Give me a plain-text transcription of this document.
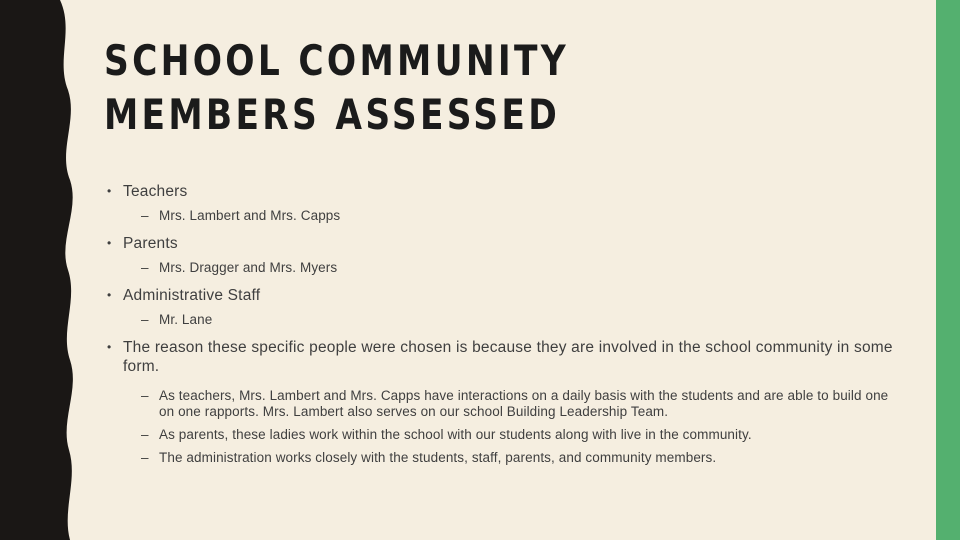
SCHOOL COMMUNITY MEMBERS ASSESSED
• Teachers
– Mrs. Lambert and Mrs. Capps
• Parents
– Mrs. Dragger and Mrs. Myers
• Administrative Staff
– Mr. Lane
• The reason these specific people were chosen is because they are involved in the school community in some form.
– As teachers, Mrs. Lambert and Mrs. Capps have interactions on a daily basis with the students and are able to build one on one rapports. Mrs. Lambert also serves on our school Building Leadership Team.
– As parents, these ladies work within the school with our students along with live in the community.
– The administration works closely with the students, staff, parents, and community members.
